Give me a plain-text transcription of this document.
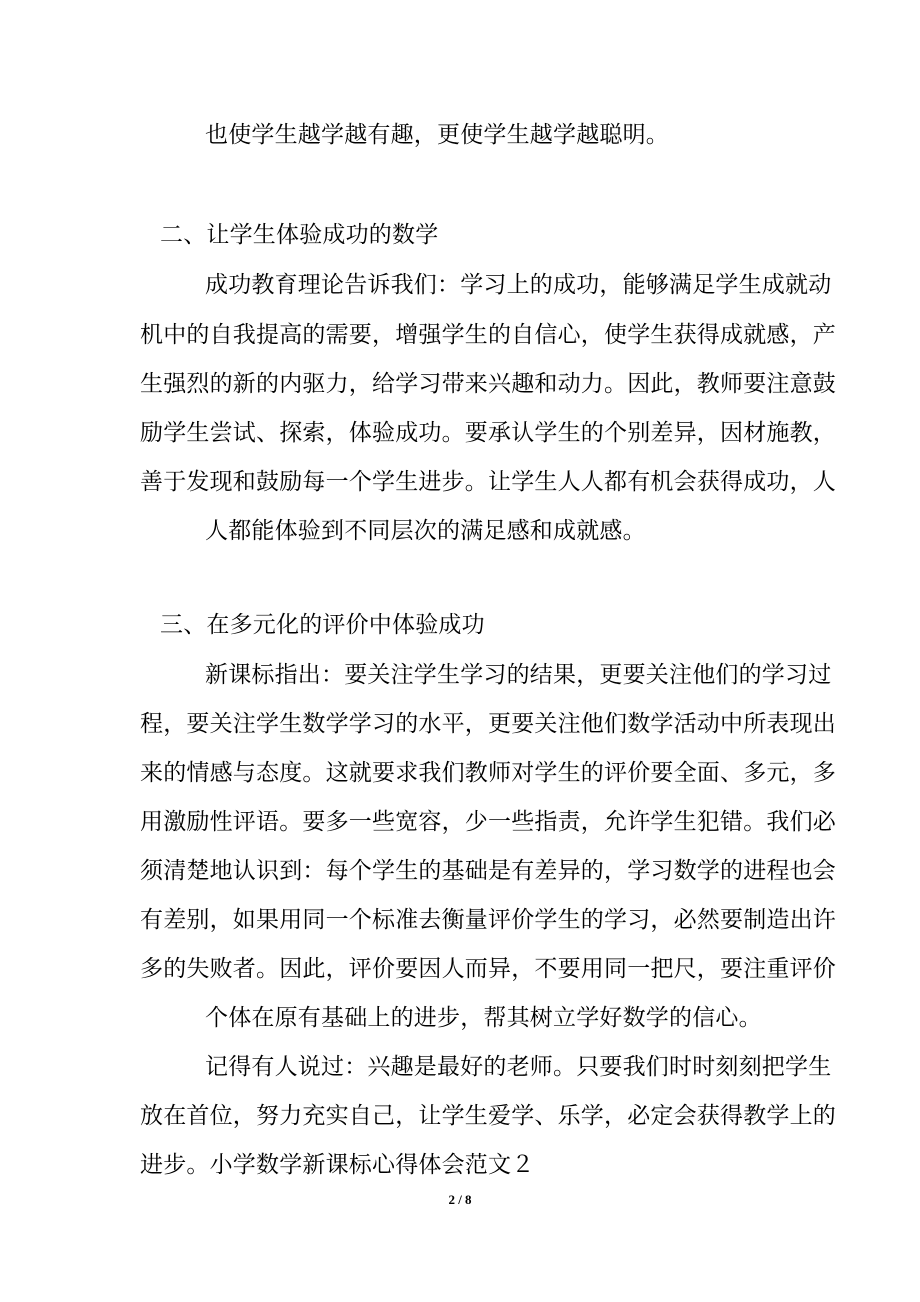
也使学生越学越有趣，更使学生越学越聪明。
二、让学生体验成功的数学
成功教育理论告诉我们：学习上的成功，能够满足学生成就动
机中的自我提高的需要，增强学生的自信心，使学生获得成就感，产
生强烈的新的内驱力，给学习带来兴趣和动力。因此，教师要注意鼓
励学生尝试、探索，体验成功。要承认学生的个别差异，因材施教，
善于发现和鼓励每一个学生进步。让学生人人都有机会获得成功，人
人都能体验到不同层次的满足感和成就感。
三、在多元化的评价中体验成功
新课标指出：要关注学生学习的结果，更要关注他们的学习过
程，要关注学生数学学习的水平，更要关注他们数学活动中所表现出
来的情感与态度。这就要求我们教师对学生的评价要全面、多元，多
用激励性评语。要多一些宽容，少一些指责，允许学生犯错。我们必
须清楚地认识到：每个学生的基础是有差异的，学习数学的进程也会
有差别，如果用同一个标准去衡量评价学生的学习，必然要制造出许
多的失败者。因此，评价要因人而异，不要用同一把尺，要注重评价
个体在原有基础上的进步，帮其树立学好数学的信心。
记得有人说过：兴趣是最好的老师。只要我们时时刻刻把学生
放在首位，努力充实自己，让学生爱学、乐学，必定会获得教学上的
进步。小学数学新课标心得体会范文２
2 / 8
